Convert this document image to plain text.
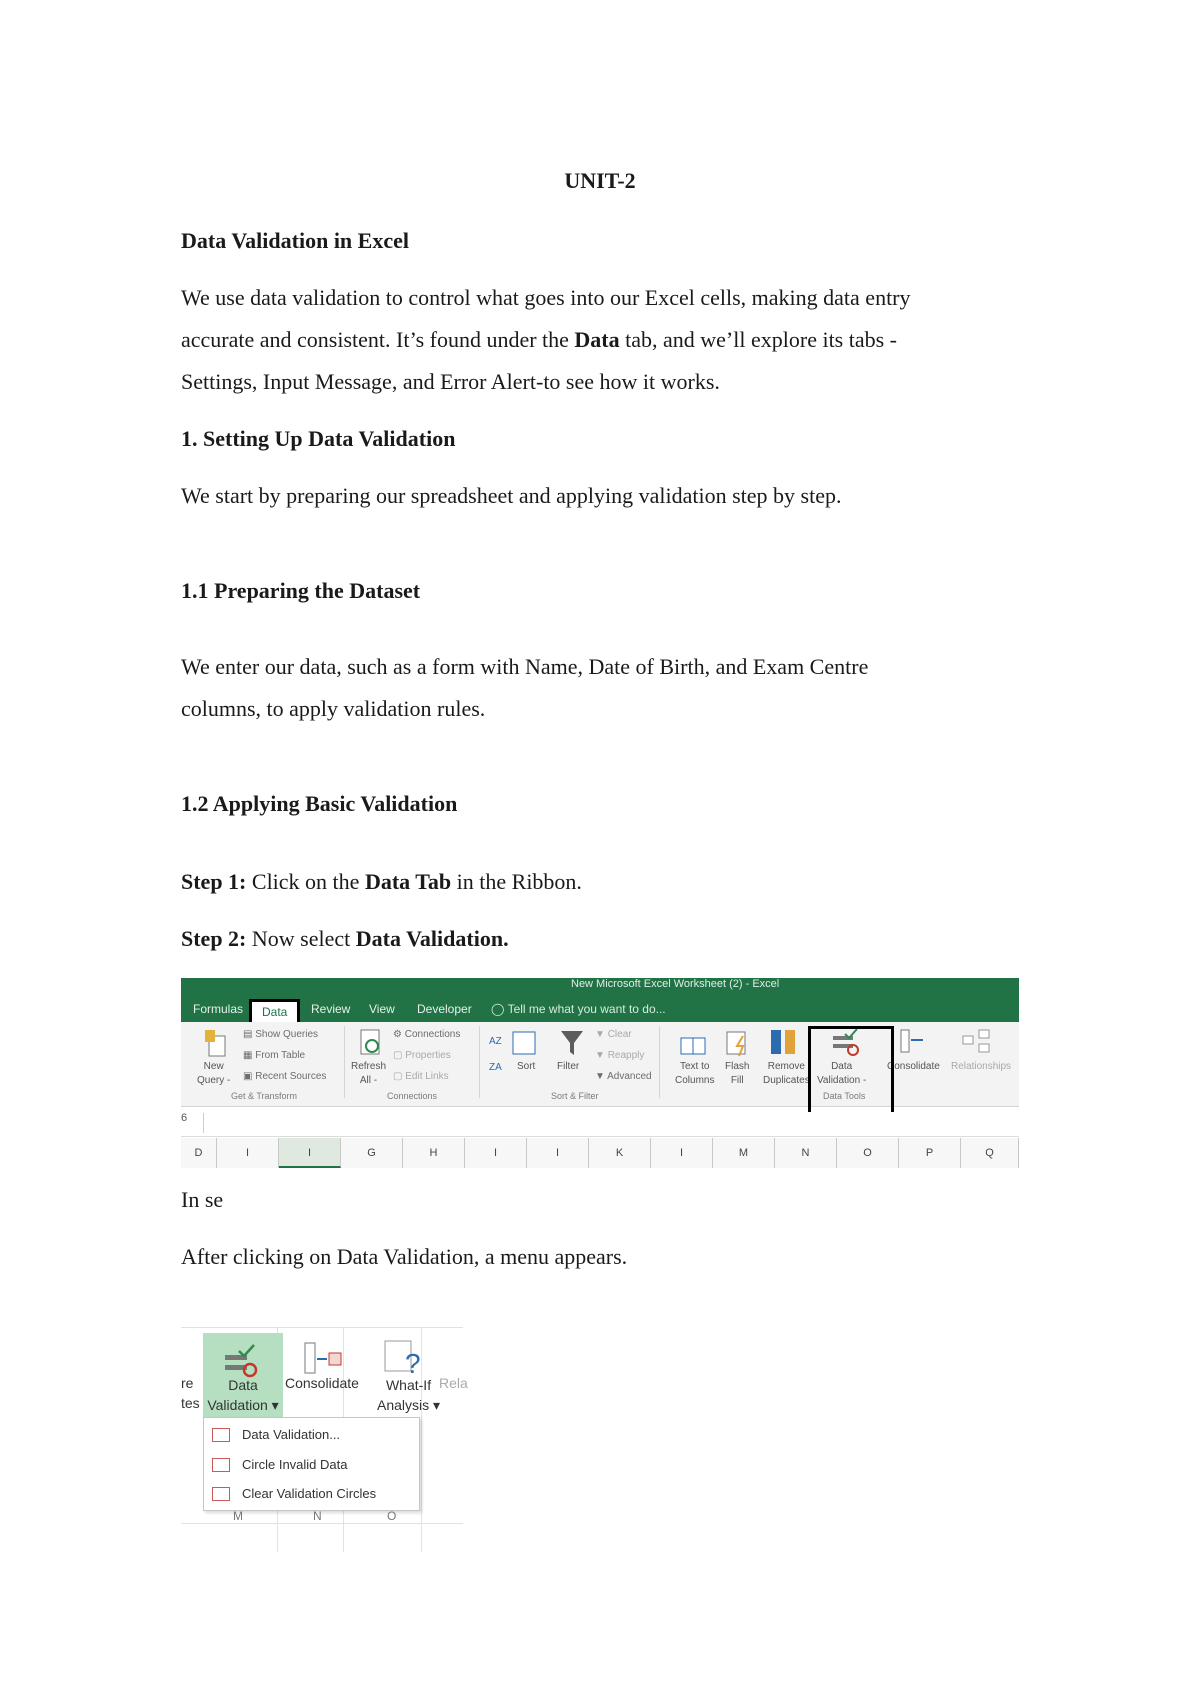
UNIT-2
Data Validation in Excel
We use data validation to control what goes into our Excel cells, making data entry
accurate and consistent. It’s found under the Data tab, and we’ll explore its tabs -
Settings, Input Message, and Error Alert-to see how it works.
1. Setting Up Data Validation
We start by preparing our spreadsheet and applying validation step by step.
1.1 Preparing the Dataset
We enter our data, such as a form with Name, Date of Birth, and Exam Centre
columns, to apply validation rules.
1.2 Applying Basic Validation
Step 1: Click on the Data Tab in the Ribbon.
Step 2: Now select Data Validation.
New Microsoft Excel Worksheet (2) - Excel
Formulas	Data	Review View Developer ◯ Tell me what you want to do...
New
Query -
▤ Show Queries
▦ From Table
▣ Recent Sources
Get & Transform
Refresh
All -
⚙ Connections
▢ Properties
▢ Edit Links
Connections
AZ
ZA Sort Filter
▼ Clear
▼ Reapply
▼ Advanced
Sort & Filter
Text to
Columns
Flash
Fill
Remove
Duplicates
Data
Validation -
Consolidate Relationships
Data Tools
6
D	I	I	G	H	I	I	K	I	M	N	O	P	Q
In se
After clicking on Data Validation, a menu appears.
?
re
tes
Data
Validation ▾
Consolidate	What-If
Analysis ▾
Rela
Data Validation...
Circle Invalid Data
Clear Validation Circles
M	N	O
